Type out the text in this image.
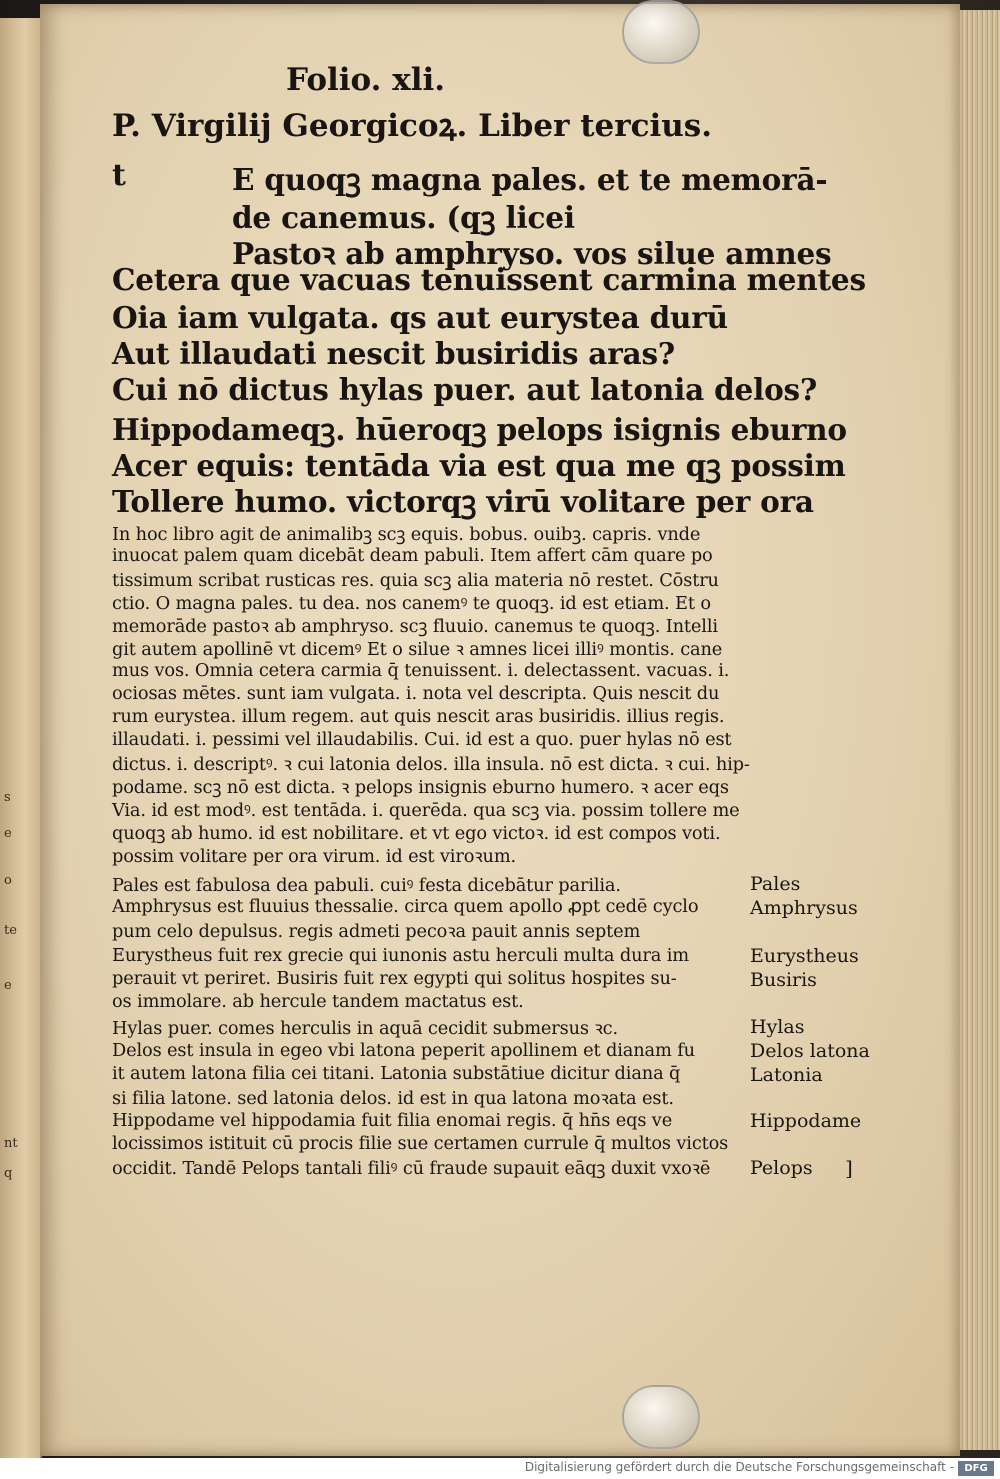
s
e
o
te
e
nt
q
Folio. xli.
P. Virgilij Georgicoꝝ. Liber tercius.
t	E quoqꝫ magna pales. et te memorā-
de canemus. (qꝫ licei
Pastoꝛ ab amphryso. vos silue amnes
Cetera que vacuas tenuissent carmina mentes
Oia iam vulgata. qs aut eurystea durū
Aut illaudati nescit busiridis aras?
Cui nō dictus hylas puer. aut latonia delos?
Hippodameqꝫ. hūeroqꝫ pelops isignis eburno
Acer equis: tentāda via est qua me qꝫ possim
Tollere humo. victorqꝫ virū volitare per ora
In hoc libro agit de animalibꝫ scꝫ equis. bobus. ouibꝫ. capris. vnde
inuocat palem quam dicebāt deam pabuli. Item affert cām quare po
tissimum scribat rusticas res. quia scꝫ alia materia nō restet. Cōstru
ctio. O magna pales. tu dea. nos canemꝰ te quoqꝫ. id est etiam. Et o
memorāde pastoꝛ ab amphryso. scꝫ fluuio. canemus te quoqꝫ. Intelli
git autem apollinē vt dicemꝰ Et o silue ꝛ amnes licei illiꝰ montis. cane
mus vos. Omnia cetera carmia q̄ tenuissent. i. delectassent. vacuas. i.
ociosas mētes. sunt iam vulgata. i. nota vel descripta. Quis nescit du
rum eurystea. illum regem. aut quis nescit aras busiridis. illius regis.
illaudati. i. pessimi vel illaudabilis. Cui. id est a quo. puer hylas nō est
dictus. i. descriptꝰ. ꝛ cui latonia delos. illa insula. nō est dicta. ꝛ cui. hip-
podame. scꝫ nō est dicta. ꝛ pelops insignis eburno humero. ꝛ acer eqs
Via. id est modꝰ. est tentāda. i. querēda. qua scꝫ via. possim tollere me
quoqꝫ ab humo. id est nobilitare. et vt ego victoꝛ. id est compos voti.
possim volitare per ora virum. id est viroꝛum.
Pales est fabulosa dea pabuli. cuiꝰ festa dicebātur parilia.
Amphrysus est fluuius thessalie. circa quem apollo ꝓpt cedē cyclo
pum celo depulsus. regis admeti pecoꝛa pauit annis septem
Eurystheus fuit rex grecie qui iunonis astu herculi multa dura im
perauit vt periret. Busiris fuit rex egypti qui solitus hospites su-
os immolare. ab hercule tandem mactatus est.
Hylas puer. comes herculis in aquā cecidit submersus ꝛc.
Delos est insula in egeo vbi latona peperit apollinem et dianam fu
it autem latona filia cei titani. Latonia substātiue dicitur diana q̄
si filia latone. sed latonia delos. id est in qua latona moꝛata est.
Hippodame vel hippodamia fuit filia enomai regis. q̄ hn̄s eqs ve
locissimos istituit cū procis filie sue certamen currule q̄ multos victos
occidit. Tandē Pelops tantali filiꝰ cū fraude supauit eāqꝫ duxit vxoꝛē
Pales
Amphrysus
Eurystheus
Busiris
Hylas
Delos latona
Latonia
Hippodame
Pelops ]
Digitalisierung gefördert durch die Deutsche Forschungsgemeinschaft -	DFG
